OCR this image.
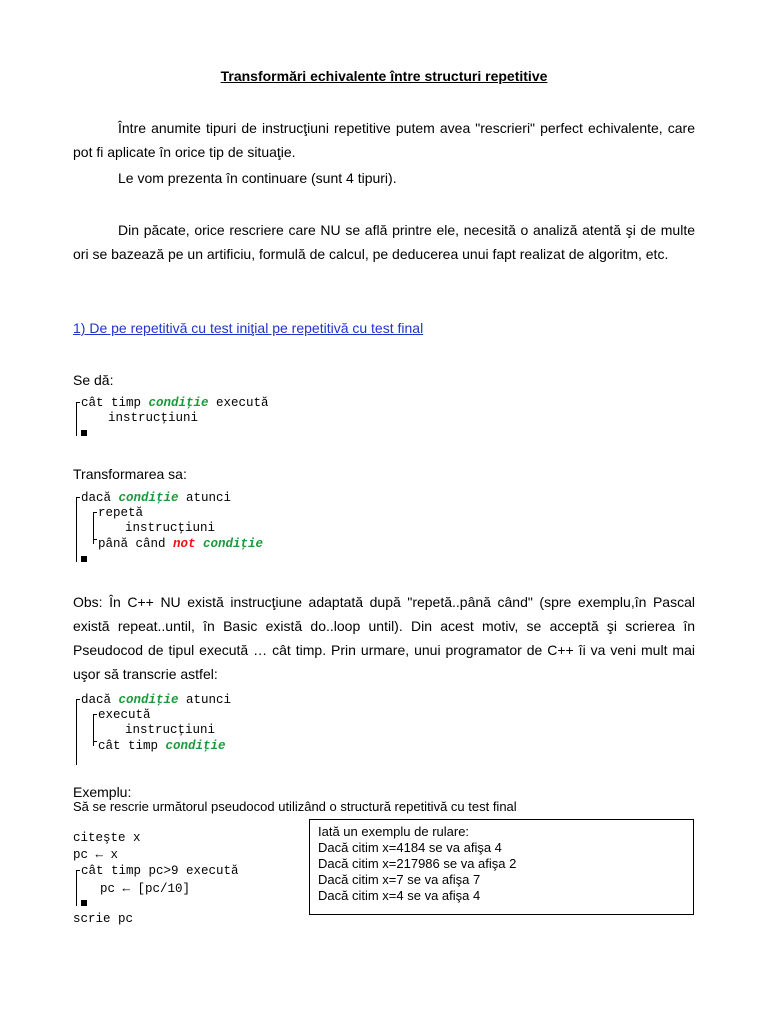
Transformări echivalente între structuri repetitive
Între anumite tipuri de instrucţiuni repetitive putem avea "rescrieri" perfect echivalente, care pot fi aplicate în orice tip de situaţie.
Le vom prezenta în continuare (sunt 4 tipuri).
Din păcate, orice rescriere care NU se află printre ele, necesită o analiză atentă şi de multe ori se bazează pe un artificiu, formulă de calcul, pe deducerea unui fapt realizat de algoritm, etc.
1) De pe repetitivă cu test iniţial pe repetitivă cu test final
Se dă:
cât timp condiţie execută
instrucţiuni
Transformarea sa:
dacă condiţie atunci
repetă
instrucţiuni
până când not condiţie
Obs: În C++ NU există instrucţiune adaptată după "repetă..până când" (spre exemplu,în Pascal există repeat..until, în Basic există do..loop until). Din acest motiv, se acceptă şi scrierea în Pseudocod de tipul execută … cât timp. Prin urmare, unui programator de C++ îi va veni mult mai uşor să transcrie astfel:
dacă condiţie atunci
execută
instrucţiuni
cât timp condiţie
Exemplu:
Să se rescrie următorul pseudocod utilizând o structură repetitivă cu test final
citeşte x
pc ← x
cât timp pc>9 execută
pc ← [pc/10]
scrie pc
Iată un exemplu de rulare:
Dacă citim x=4184 se va afişa 4
Dacă citim x=217986 se va afişa 2
Dacă citim x=7 se va afişa 7
Dacă citim x=4 se va afişa 4
